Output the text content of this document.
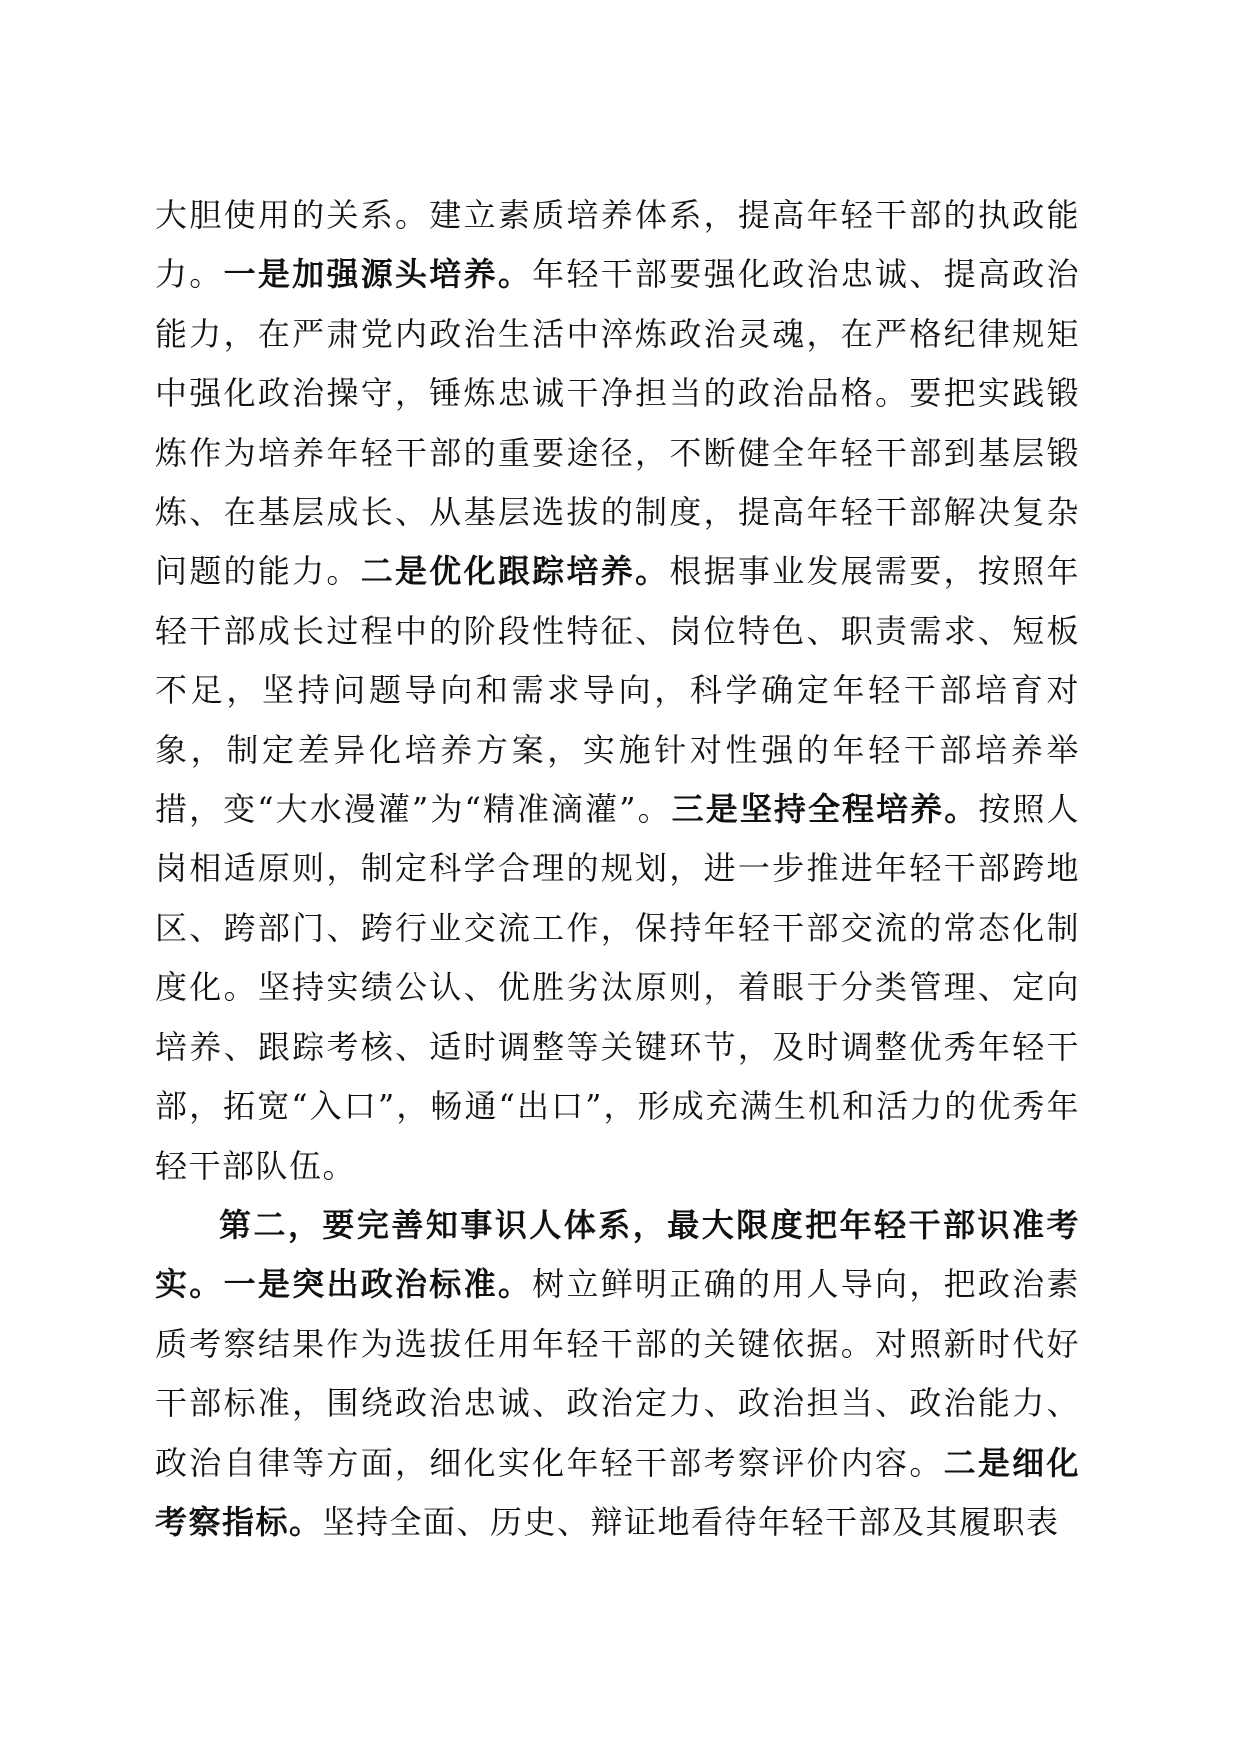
大胆使用的关系。建立素质培养体系，提高年轻干部的执政能力。一是加强源头培养。年轻干部要强化政治忠诚、提高政治能力，在严肃党内政治生活中淬炼政治灵魂，在严格纪律规矩中强化政治操守，锤炼忠诚干净担当的政治品格。要把实践锻炼作为培养年轻干部的重要途径，不断健全年轻干部到基层锻炼、在基层成长、从基层选拔的制度，提高年轻干部解决复杂问题的能力。二是优化跟踪培养。根据事业发展需要，按照年轻干部成长过程中的阶段性特征、岗位特色、职责需求、短板不足，坚持问题导向和需求导向，科学确定年轻干部培育对象，制定差异化培养方案，实施针对性强的年轻干部培养举措，变“大水漫灌”为“精准滴灌”。三是坚持全程培养。按照人岗相适原则，制定科学合理的规划，进一步推进年轻干部跨地区、跨部门、跨行业交流工作，保持年轻干部交流的常态化制度化。坚持实绩公认、优胜劣汰原则，着眼于分类管理、定向培养、跟踪考核、适时调整等关键环节，及时调整优秀年轻干部，拓宽“入口”，畅通“出口”，形成充满生机和活力的优秀年轻干部队伍。

第二，要完善知事识人体系，最大限度把年轻干部识准考实。一是突出政治标准。树立鲜明正确的用人导向，把政治素质考察结果作为选拔任用年轻干部的关键依据。对照新时代好干部标准，围绕政治忠诚、政治定力、政治担当、政治能力、政治自律等方面，细化实化年轻干部考察评价内容。二是细化考察指标。坚持全面、历史、辩证地看待年轻干部及其履职表
